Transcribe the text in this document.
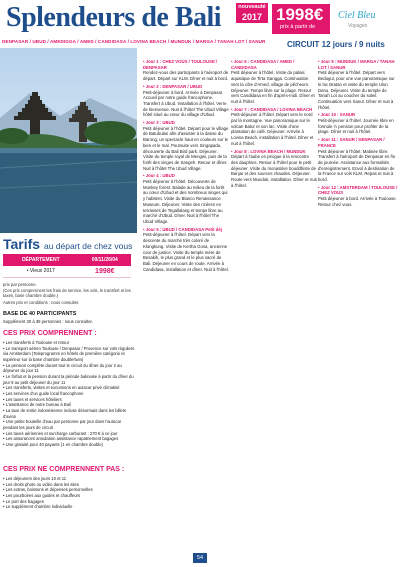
Splendeurs de Bali	nouveauté
2017 1998€
prix à partir de
Ciel Bleu
Voyages
DENPASAR / UBUD / AMEDIGGA / AMED / CANDIDASA / LOVINA BEACH / MUNDUK / MARGA / TANAH LOT / SANUR	CIRCUIT 12 jours / 9 nuits
Tarifs au départ de chez vous
DÉPARTEMENT	09/11/26/04
• Vieux 2017	1998€
prix par personne.
(Ces prix comprennent les frais de service, les vols, le transfert et les taxes, base chambre double.)
Autres prix et conditions : nous consulter.
BASE DE 40 PARTICIPANTS
Supplément 30 à 39 personnes : nous consulter.
CES PRIX COMPRENNENT :
• Les transferts à Toulouse et retour
• Le transport aérien Toulouse / Denpasar / Provence sur vols réguliers via Amsterdam (Teleprogramm en hôtels de première catégorie et supérieur sur la base chambre double/twin)
• La pension complète durant tout le circuit du dîner du jour 2 au déjeuner du jour 11
• Le forfait et la pension durant la période balinaise à partir du dîner du jour 9 au petit déjeuner du jour 11
• Les transferts, visites et excursions en autocar privé climatisé
• Les services d'un guide local francophone
• Les taxes et services hôteliers
• L'assistance de notre bureau à Bali
• La taxe de sortie indonésienne incluse désormais dans les billets d'avion
• Une petite bouteille d'eau par personne par jour dans l'autocar pendant les jours de circuit
• Les taxes aériennes et surcharge carburant : 270 € à ce jour
• Les assurances annulation assistance rapatriement bagages
• Une gratuité pour 40 payants (1 en chambre double)
CES PRIX NE COMPRENNENT PAS :
• Les déjeuners des jours 10 et 11
• Les droits photo ou vidéo dans les sites
• Les extras, boissons et dépenses personnelles
• Les pourboires aux guides et chauffeurs
• Le port des bagages
• Le supplément chambre individuelle

• Jour 1 : CHEZ VOUS / TOULOUSE / DENPASAR
Rendez-vous des participants à l'aéroport de départ. Départ sur KLM. Dîner et nuit à bord.

• Jour 2 : DENPASAR / UBUD
Petit-déjeuner à bord. Arrivée à Denpasar. Accueil par notre guide francophone. Transfert à Ubud. Installation à l'hôtel. Verre de bienvenue. Nuit à l'hôtel The Ubud Village hôtel situé au cœur du village d'Ubud.

• Jour 3 : UBUD
Petit déjeuner à l'hôtel. Départ pour le village de Batubulan afin d'assister à la danse du Barong, un spectacle haut en couleurs sur le bien et le mal. Poursuite vers Singapadu, découverte du Bali Bird park. Déjeuner. Visite du temple royal de Mengwi, puis de la forêt des singes de Sangeh. Retour et dîner. Nuit à l'hôtel The Ubud Village.

• Jour 4 : UBUD
Petit déjeuner à l'hôtel. Découverte de Monkey forest. Balade au milieu de la forêt au cœur d'Ubud et des nombreux singes qui y habitent. Visite du Blanco Renaissance Museum. Déjeuner. Visite des rizières en terrasses de Tegallalang et temps libre au marché d'Ubud. Dîner. Nuit à l'hôtel The Ubud Village.

• Jour 5 : UBUD / CANDIDASA Petit déj
Petit-déjeuner à l'hôtel. Départ vers la descente du marché très coloré de Klungkung. Visite de Kertha Gosa, ancienne cour de justice. Visite du temple mère de Besakih, le plus grand et le plus sacré de Bali. Déjeuner en cours de route. Arrivée à Candidasa, installation et dîner. Nuit à l'hôtel.

• Jour 6 : CANDIDASA / AMED / CANDIDASA
Petit déjeuner à l'hôtel. Visite du palais aquatique de Tirta Gangga. Continuation vers la côte d'Amed, village de pêcheurs. Déjeuner. Temps libre sur la plage. Retour vers Candidasa en fin d'après-midi. Dîner et nuit à l'hôtel.

• Jour 7 : CANDIDASA / LOVINA BEACH
Petit-déjeuner à l'hôtel. Départ vers le nord par la montagne. Vue panoramique sur le volcan Batur et son lac. Visite d'une plantation de café. Déjeuner. Arrivée à Lovina Beach, installation à l'hôtel. Dîner et nuit à l'hôtel.

• Jour 8 : LOVINA BEACH / MUNDUK
Départ à l'aube en pirogue à la rencontre des dauphins. Retour à l'hôtel pour le petit déjeuner. Visite du monastère bouddhiste de Banjar et des sources chaudes. Déjeuner. Route vers Munduk, installation. Dîner et nuit à l'hôtel.

• Jour 9 : MUNDUK / MARGA / TANAH LOT / SANUR
Petit déjeuner à l'hôtel. Départ vers Bedugul, pour une vue panoramique sur le lac Bratan et visite du temple Ulun Danu. Déjeuner. Visite du temple de Tanah Lot au coucher du soleil. Continuation vers Sanur. Dîner et nuit à l'hôtel.

• Jour 10 : SANUR
Petit-déjeuner à l'hôtel. Journée libre en formule ½ pension pour profiter de la plage. Dîner et nuit à l'hôtel.

• Jour 11 : SANUR / DENPASAR / FRANCE
Petit déjeuner à l'hôtel. Matinée libre. Transfert à l'aéroport de Denpasar en fin de journée. Assistance aux formalités d'enregistrement. Envol à destination de la France sur vols KLM. Repas et nuit à bord.

• Jour 12 : AMSTERDAM / TOULOUSE / CHEZ VOUS
Petit déjeuner à bord. Arrivée à Toulouse. Retour chez vous.

54
